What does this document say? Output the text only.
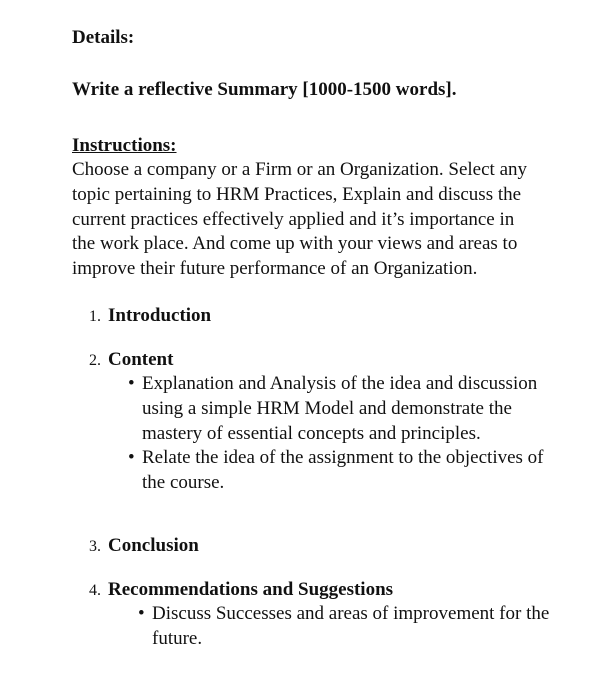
Details:

Write a reflective Summary [1000-1500 words].

Instructions:

Choose a company or a Firm or an Organization. Select any topic pertaining to HRM Practices, Explain and discuss the current practices effectively applied and it’s importance in the work place. And come up with your views and areas to improve their future performance of an Organization.

1. Introduction
2. Content
• Explanation and Analysis of the idea and discussion using a simple HRM Model and demonstrate the mastery of essential concepts and principles.
• Relate the idea of the assignment to the objectives of the course.
3. Conclusion
4. Recommendations and Suggestions
• Discuss Successes and areas of improvement for the future.
